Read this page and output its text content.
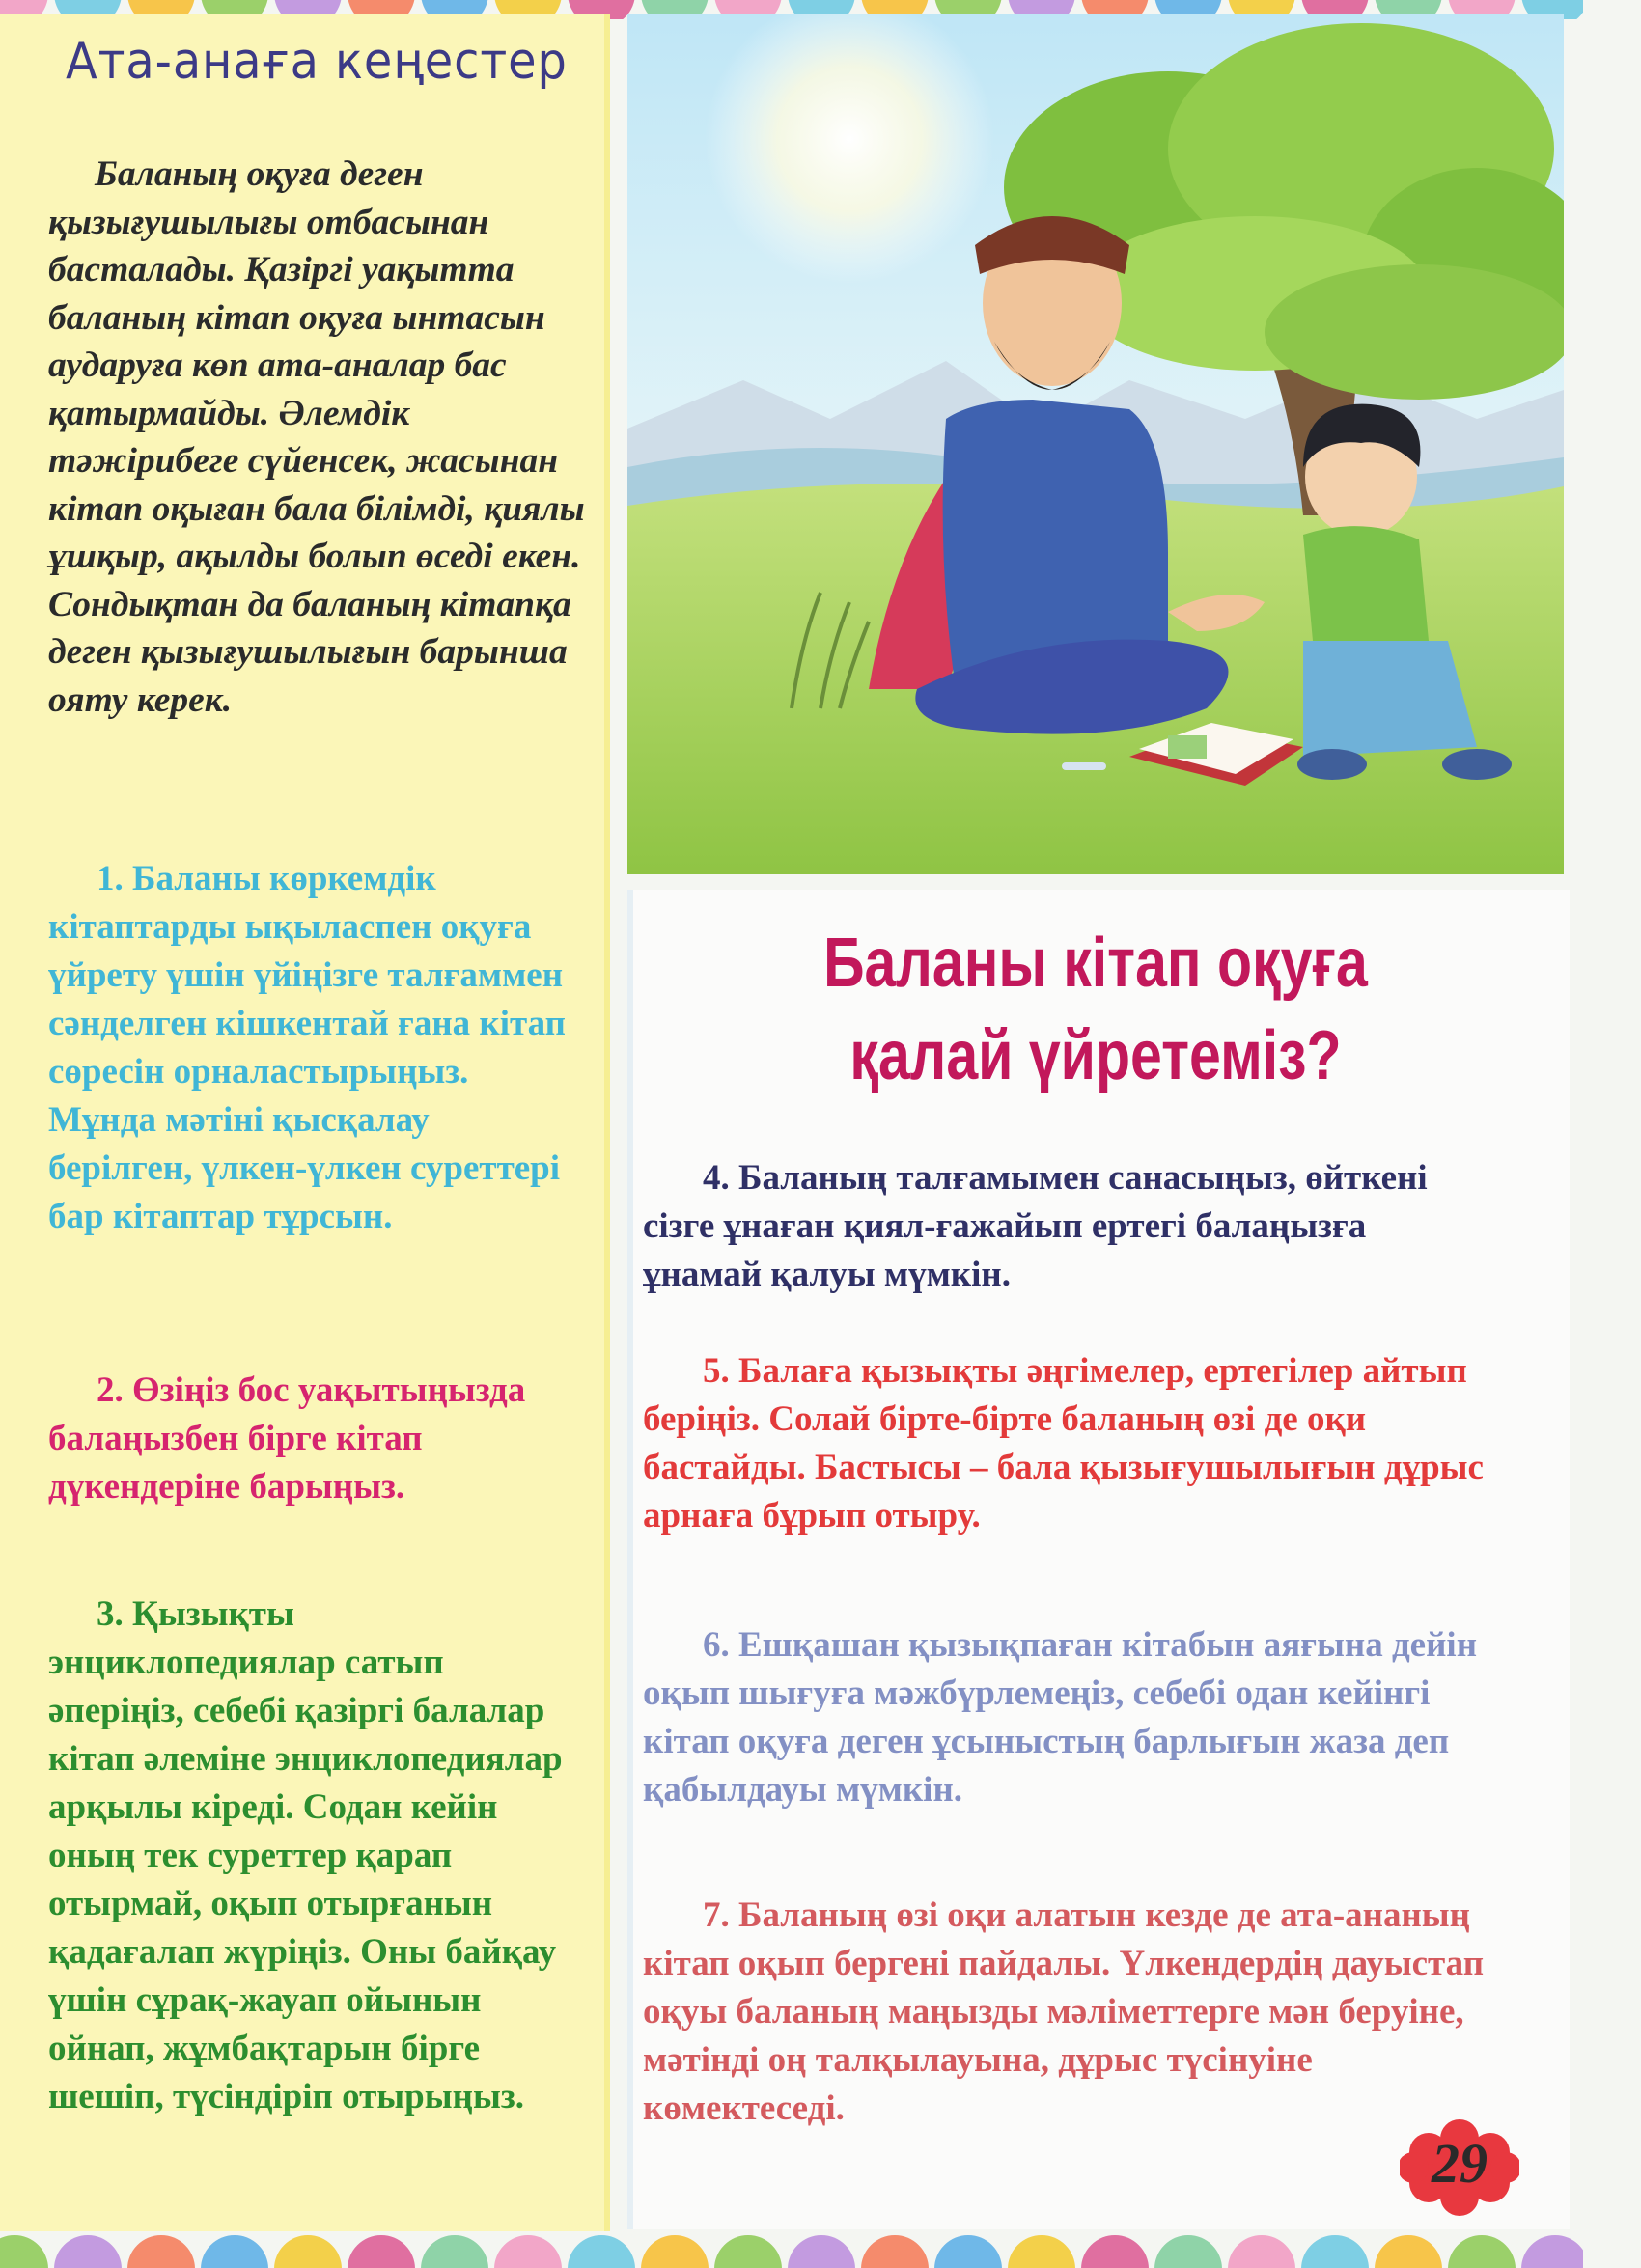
Ата-анаға кеңестер

Баланың оқуға деген қызығушылығы отбасынан басталады. Қазіргі уақытта баланың кітап оқуға ынтасын аударуға көп ата-аналар бас қатырмайды. Әлемдік тәжірибеге сүйенсек, жасынан кітап оқыған бала білімді, қиялы ұшқыр, ақылды болып өседі екен. Сондықтан да баланың кітапқа деген қызығушылығын барынша ояту керек.

1. Баланы көркемдік кітаптарды ықыласпен оқуға үйрету үшін үйіңізге талғаммен сәнделген кішкентай ғана кітап сөресін орналастырыңыз. Мұнда мәтіні қысқалау берілген, үлкен-үлкен суреттері бар кітаптар тұрсын.

2. Өзіңіз бос уақытыңызда балаңызбен бірге кітап дүкендеріне барыңыз.

3. Қызықты энциклопедиялар сатып әперіңіз, себебі қазіргі балалар кітап әлеміне энциклопедиялар арқылы кіреді. Содан кейін оның тек суреттер қарап отырмай, оқып отырғанын қадағалап жүріңіз. Оны байқау үшін сұрақ-жауап ойынын ойнап, жұмбақтарын бірге шешіп, түсіндіріп отырыңыз.

Баланы кітап оқуға
қалай үйретеміз?

4. Баланың талғамымен санасыңыз, өйткені сізге ұнаған қиял-ғажайып ертегі балаңызға ұнамай қалуы мүмкін.

5. Балаға қызықты әңгімелер, ертегілер айтып беріңіз. Солай бірте-бірте баланың өзі де оқи бастайды. Бастысы – бала қызығушылығын дұрыс арнаға бұрып отыру.

6. Ешқашан қызықпаған кітабын аяғына дейін оқып шығуға мәжбүрлемеңіз, себебі одан кейінгі кітап оқуға деген ұсыныстың барлығын жаза деп қабылдауы мүмкін.

7. Баланың өзі оқи алатын кезде де ата-ананың кітап оқып бергені пайдалы. Үлкендердің дауыстап оқуы баланың маңызды мәліметтерге мән беруіне, мәтінді оң талқылауына, дұрыс түсінуіне көмектеседі.

29
